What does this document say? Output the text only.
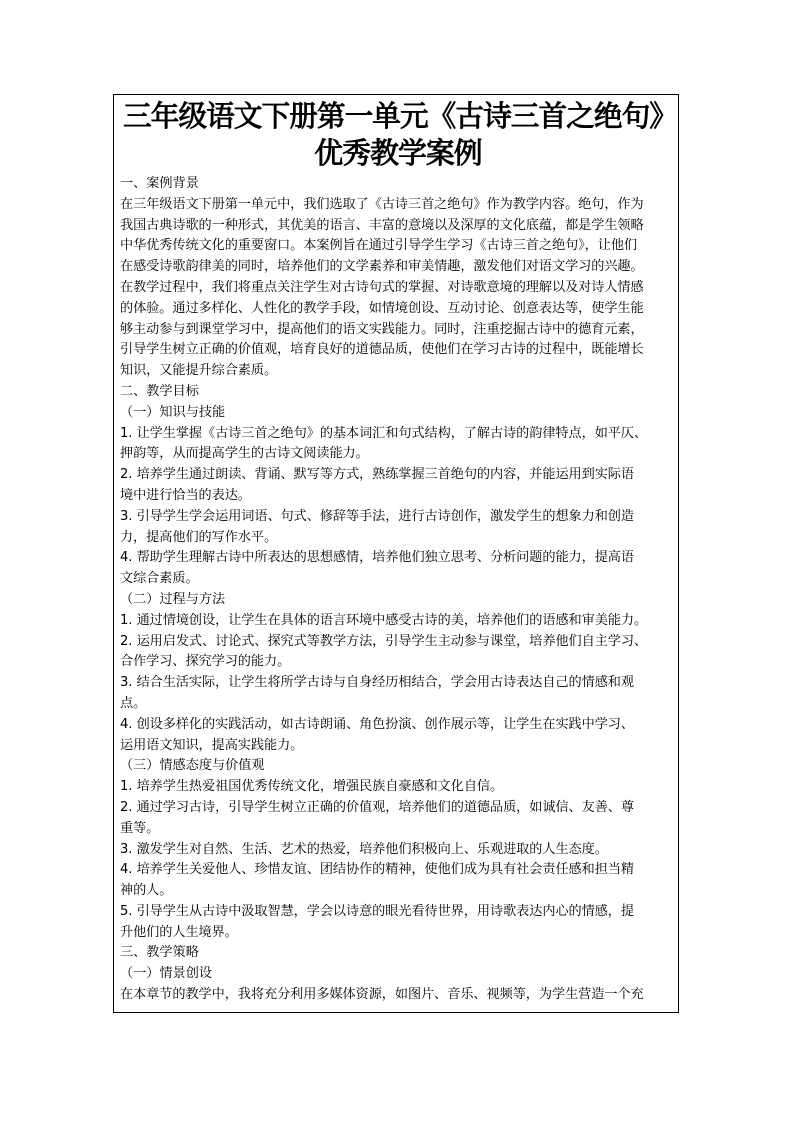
三年级语文下册第一单元《古诗三首之绝句》
优秀教学案例
一、案例背景
在三年级语文下册第一单元中，我们选取了《古诗三首之绝句》作为教学内容。绝句，作为
我国古典诗歌的一种形式，其优美的语言、丰富的意境以及深厚的文化底蕴，都是学生领略
中华优秀传统文化的重要窗口。本案例旨在通过引导学生学习《古诗三首之绝句》，让他们
在感受诗歌韵律美的同时，培养他们的文学素养和审美情趣，激发他们对语文学习的兴趣。
在教学过程中，我们将重点关注学生对古诗句式的掌握、对诗歌意境的理解以及对诗人情感
的体验。通过多样化、人性化的教学手段，如情境创设、互动讨论、创意表达等，使学生能
够主动参与到课堂学习中，提高他们的语文实践能力。同时，注重挖掘古诗中的德育元素，
引导学生树立正确的价值观，培育良好的道德品质，使他们在学习古诗的过程中，既能增长
知识，又能提升综合素质。
二、教学目标
（一）知识与技能
1. 让学生掌握《古诗三首之绝句》的基本词汇和句式结构，了解古诗的韵律特点，如平仄、
押韵等，从而提高学生的古诗文阅读能力。
2. 培养学生通过朗读、背诵、默写等方式，熟练掌握三首绝句的内容，并能运用到实际语
境中进行恰当的表达。
3. 引导学生学会运用词语、句式、修辞等手法，进行古诗创作，激发学生的想象力和创造
力，提高他们的写作水平。
4. 帮助学生理解古诗中所表达的思想感情，培养他们独立思考、分析问题的能力，提高语
文综合素质。
（二）过程与方法
1. 通过情境创设，让学生在具体的语言环境中感受古诗的美，培养他们的语感和审美能力。
2. 运用启发式、讨论式、探究式等教学方法，引导学生主动参与课堂，培养他们自主学习、
合作学习、探究学习的能力。
3. 结合生活实际，让学生将所学古诗与自身经历相结合，学会用古诗表达自己的情感和观
点。
4. 创设多样化的实践活动，如古诗朗诵、角色扮演、创作展示等，让学生在实践中学习、
运用语文知识，提高实践能力。
（三）情感态度与价值观
1. 培养学生热爱祖国优秀传统文化，增强民族自豪感和文化自信。
2. 通过学习古诗，引导学生树立正确的价值观，培养他们的道德品质，如诚信、友善、尊
重等。
3. 激发学生对自然、生活、艺术的热爱，培养他们积极向上、乐观进取的人生态度。
4. 培养学生关爱他人、珍惜友谊、团结协作的精神，使他们成为具有社会责任感和担当精
神的人。
5. 引导学生从古诗中汲取智慧，学会以诗意的眼光看待世界，用诗歌表达内心的情感，提
升他们的人生境界。
三、教学策略
（一）情景创设
在本章节的教学中，我将充分利用多媒体资源，如图片、音乐、视频等，为学生营造一个充
